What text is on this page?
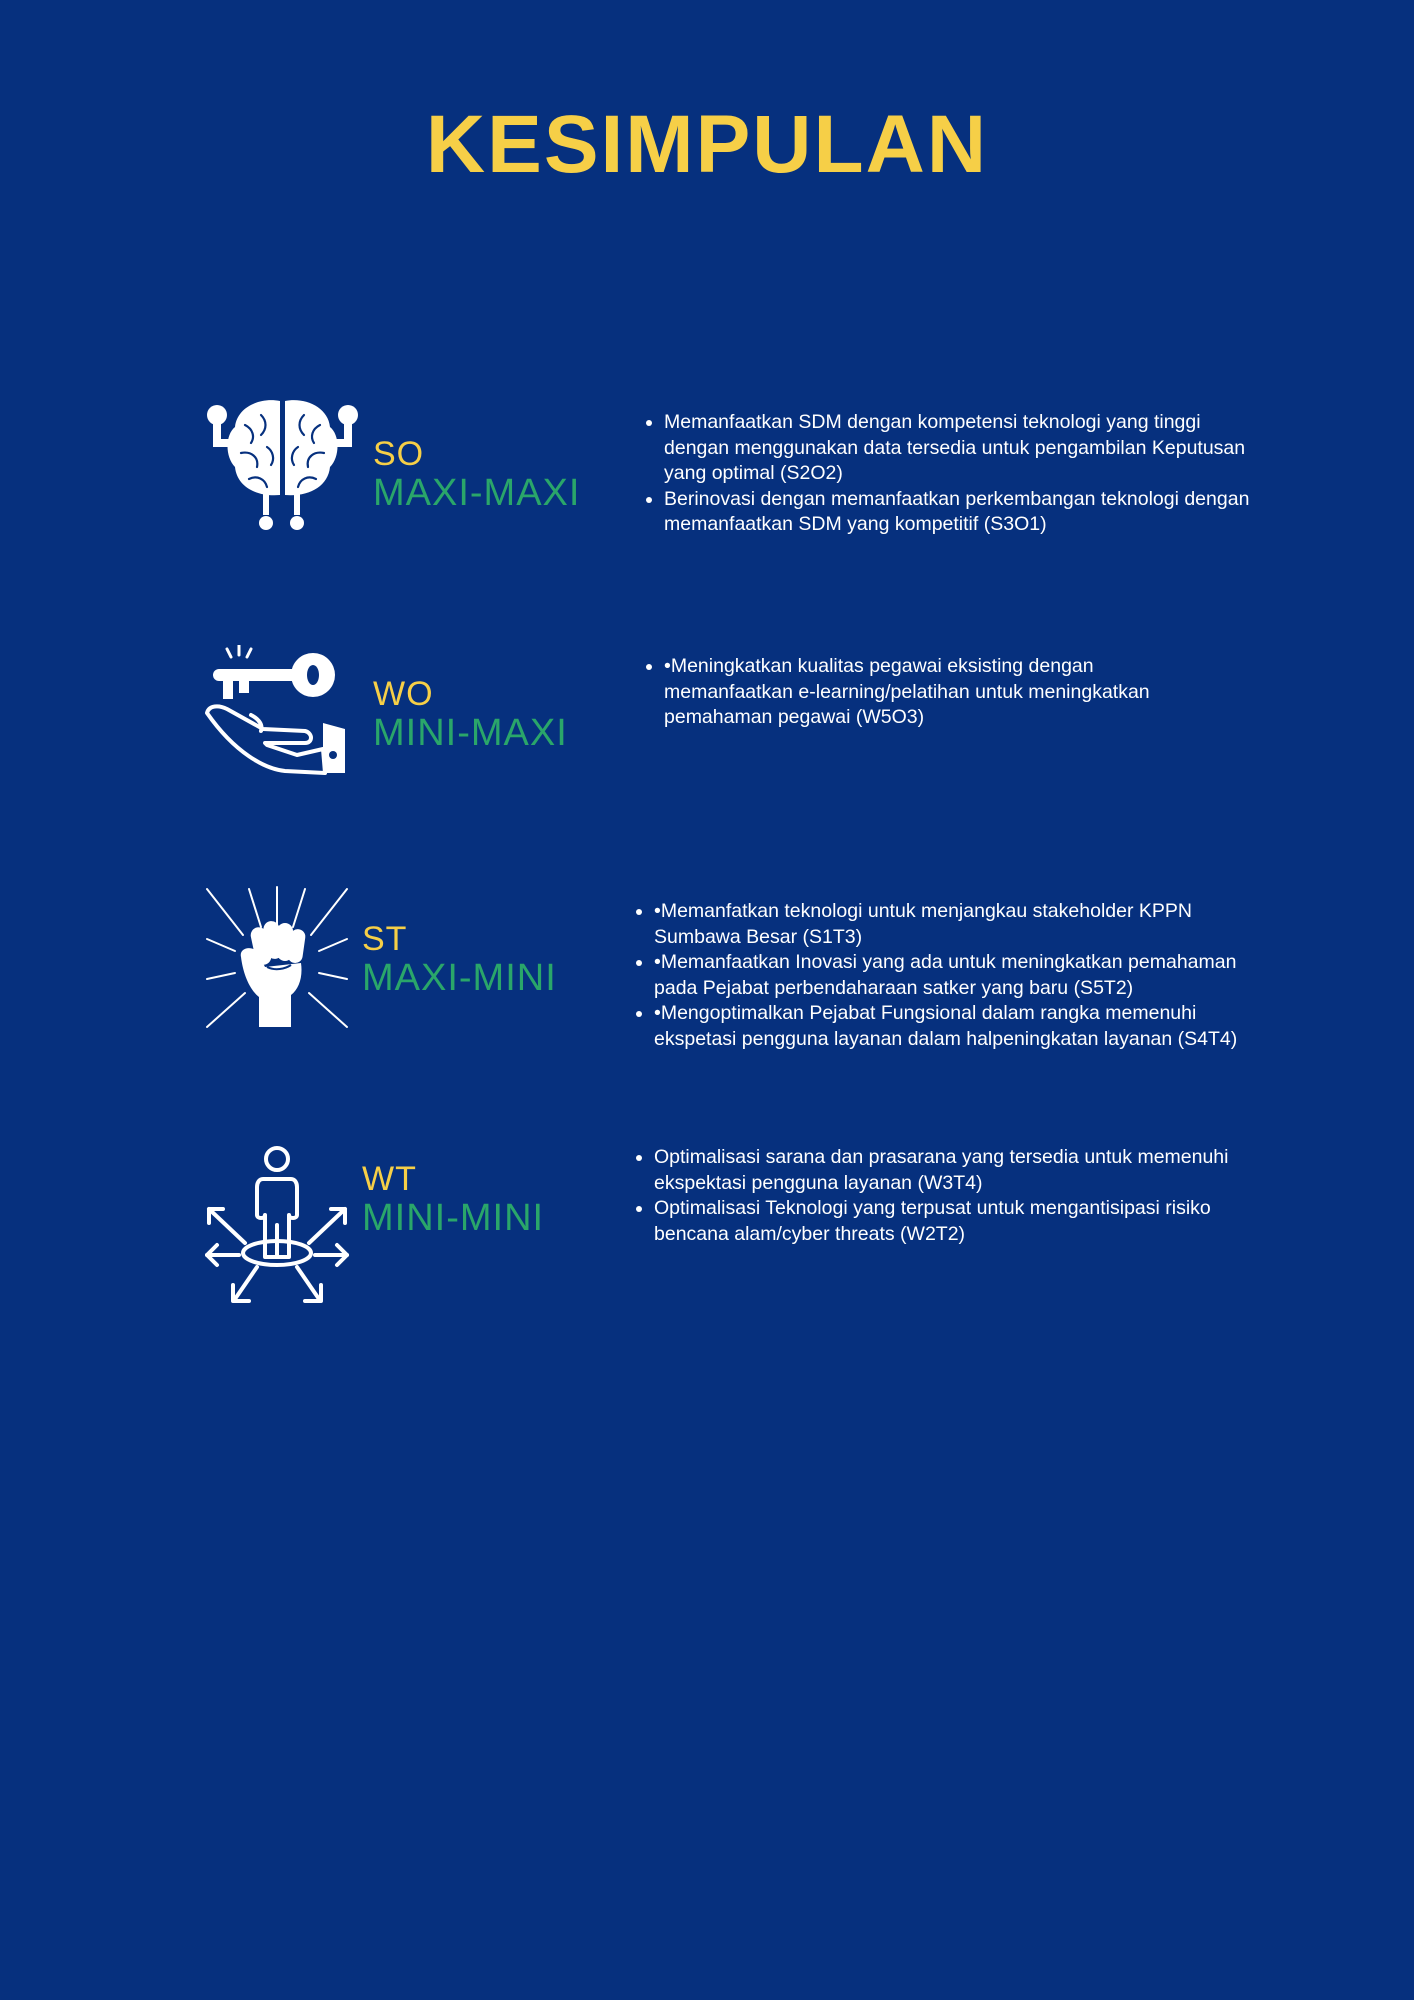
KESIMPULAN
SO
MAXI-MAXI
• Memanfaatkan SDM dengan kompetensi teknologi yang tinggi dengan menggunakan data tersedia untuk pengambilan Keputusan yang optimal (S2O2)
• Berinovasi dengan memanfaatkan perkembangan teknologi dengan memanfaatkan SDM yang kompetitif (S3O1)
WO
MINI-MAXI
• •Meningkatkan kualitas pegawai eksisting dengan memanfaatkan e-learning/pelatihan untuk meningkatkan pemahaman pegawai (W5O3)
ST
MAXI-MINI
• •Memanfatkan teknologi untuk menjangkau stakeholder KPPN Sumbawa Besar (S1T3)
• •Memanfaatkan Inovasi yang ada untuk meningkatkan pemahaman pada Pejabat perbendaharaan satker yang baru (S5T2)
• •Mengoptimalkan Pejabat Fungsional dalam rangka memenuhi ekspetasi pengguna layanan dalam halpeningkatan layanan (S4T4)
WT
MINI-MINI
• Optimalisasi sarana dan prasarana yang tersedia untuk memenuhi ekspektasi pengguna layanan (W3T4)
• Optimalisasi Teknologi yang terpusat untuk mengantisipasi risiko bencana alam/cyber threats (W2T2)
